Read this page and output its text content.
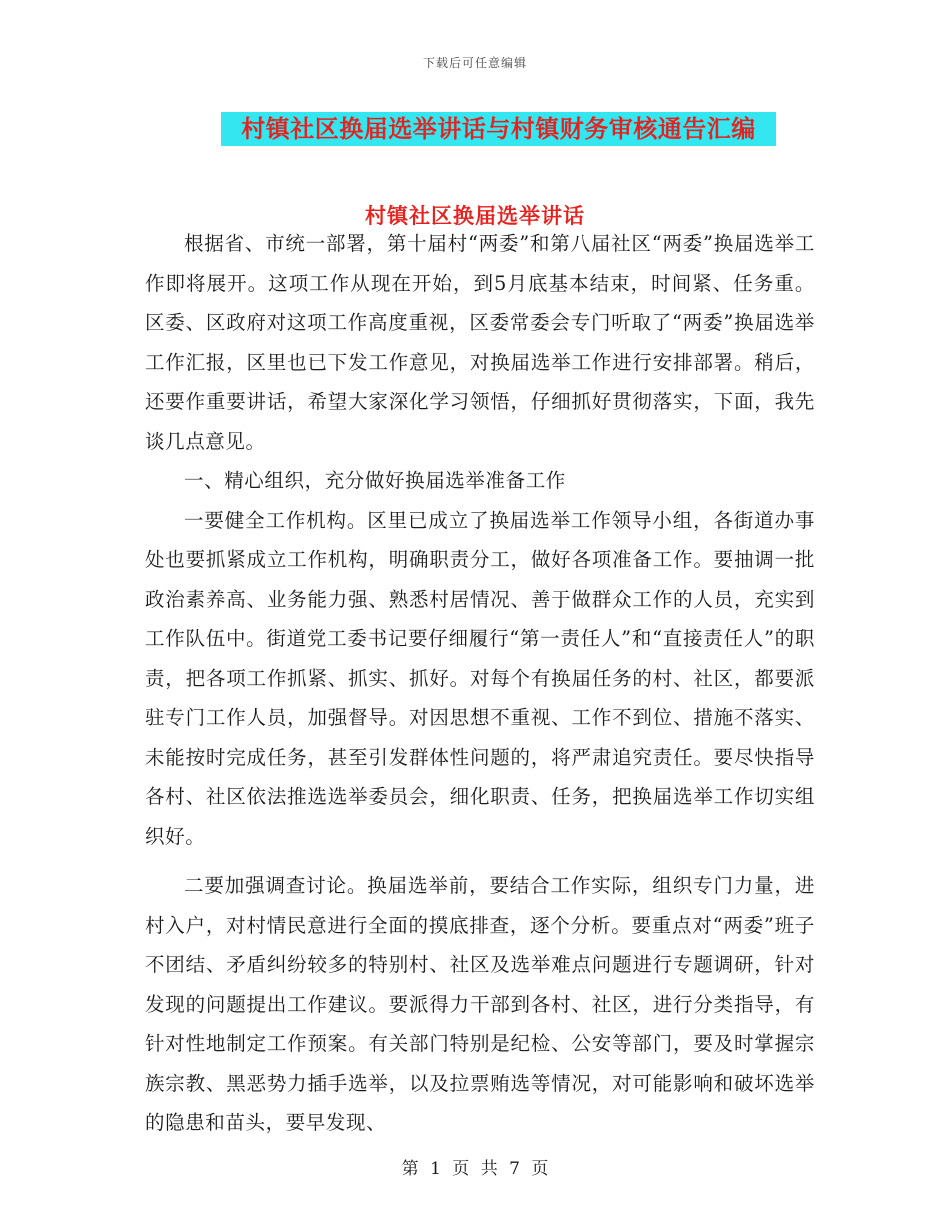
下载后可任意编辑
村镇社区换届选举讲话与村镇财务审核通告汇编
村镇社区换届选举讲话

根据省、市统一部署，第十届村“两委”和第八届社区“两委”换届选举工作即将展开。这项工作从现在开始，到5月底基本结束，时间紧、任务重。区委、区政府对这项工作高度重视，区委常委会专门听取了“两委”换届选举工作汇报，区里也已下发工作意见，对换届选举工作进行安排部署。稍后， 还要作重要讲话，希望大家深化学习领悟，仔细抓好贯彻落实，下面，我先谈几点意见。

一、精心组织，充分做好换届选举准备工作

一要健全工作机构。区里已成立了换届选举工作领导小组，各街道办事处也要抓紧成立工作机构，明确职责分工，做好各项准备工作。要抽调一批政治素养高、业务能力强、熟悉村居情况、善于做群众工作的人员，充实到工作队伍中。街道党工委书记要仔细履行“第一责任人”和“直接责任人”的职责，把各项工作抓紧、抓实、抓好。对每个有换届任务的村、社区，都要派驻专门工作人员，加强督导。对因思想不重视、工作不到位、措施不落实、未能按时完成任务，甚至引发群体性问题的，将严肃追究责任。要尽快指导各村、社区依法推选选举委员会，细化职责、任务，把换届选举工作切实组织好。

二要加强调查讨论。换届选举前，要结合工作实际，组织专门力量，进村入户，对村情民意进行全面的摸底排查，逐个分析。要重点对“两委”班子不团结、矛盾纠纷较多的特别村、社区及选举难点问题进行专题调研，针对发现的问题提出工作建议。要派得力干部到各村、社区，进行分类指导，有针对性地制定工作预案。有关部门特别是纪检、公安等部门，要及时掌握宗族宗教、黑恶势力插手选举，以及拉票贿选等情况，对可能影响和破坏选举的隐患和苗头，要早发现、

第 1 页 共 7 页
